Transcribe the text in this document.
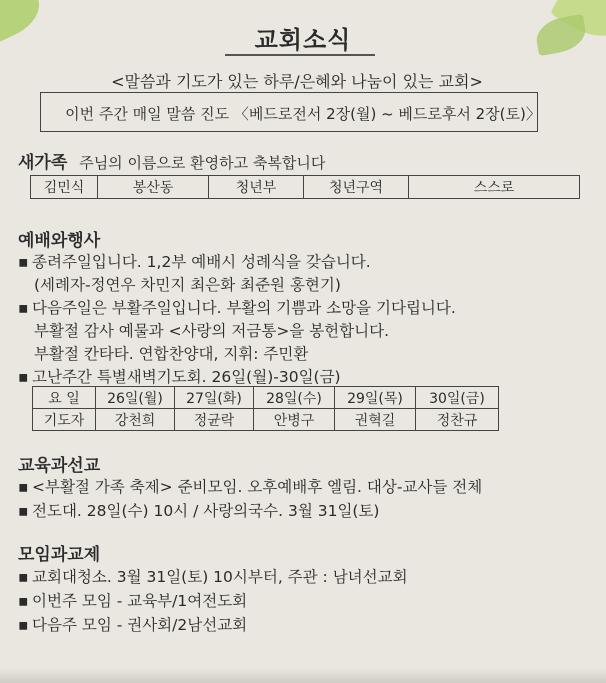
교회소식
<말씀과 기도가 있는 하루/은혜와 나눔이 있는 교회>
이번 주간 매일 말씀 진도 〈베드로전서 2장(월) ~ 베드로후서 2장(토)〉
새가족 주님의 이름으로 환영하고 축복합니다
김민식	봉산동	청년부	청년구역	스스로
예배와행사
▪ 종려주일입니다. 1,2부 예배시 성례식을 갖습니다.
(세례자-정연우 차민지 최은화 최준원 홍현기)
▪ 다음주일은 부활주일입니다. 부활의 기쁨과 소망을 기다립니다.
부활절 감사 예물과 <사랑의 저금통>을 봉헌합니다.
부활절 칸타타. 연합찬양대, 지휘: 주민환
▪ 고난주간 특별새벽기도회. 26일(월)-30일(금)
요 일	26일(월)	27일(화)	28일(수)	29일(목)	30일(금)
기도자	강천희	정균락	안병구	권혁길	정찬규
교육과선교
▪ <부활절 가족 축제> 준비모임. 오후예배후 엘림. 대상-교사들 전체
▪ 전도대. 28일(수) 10시 / 사랑의국수. 3월 31일(토)
모임과교제
▪ 교회대청소. 3월 31일(토) 10시부터, 주관 : 남녀선교회
▪ 이번주 모임 - 교육부/1여전도회
▪ 다음주 모임 - 권사회/2남선교회
